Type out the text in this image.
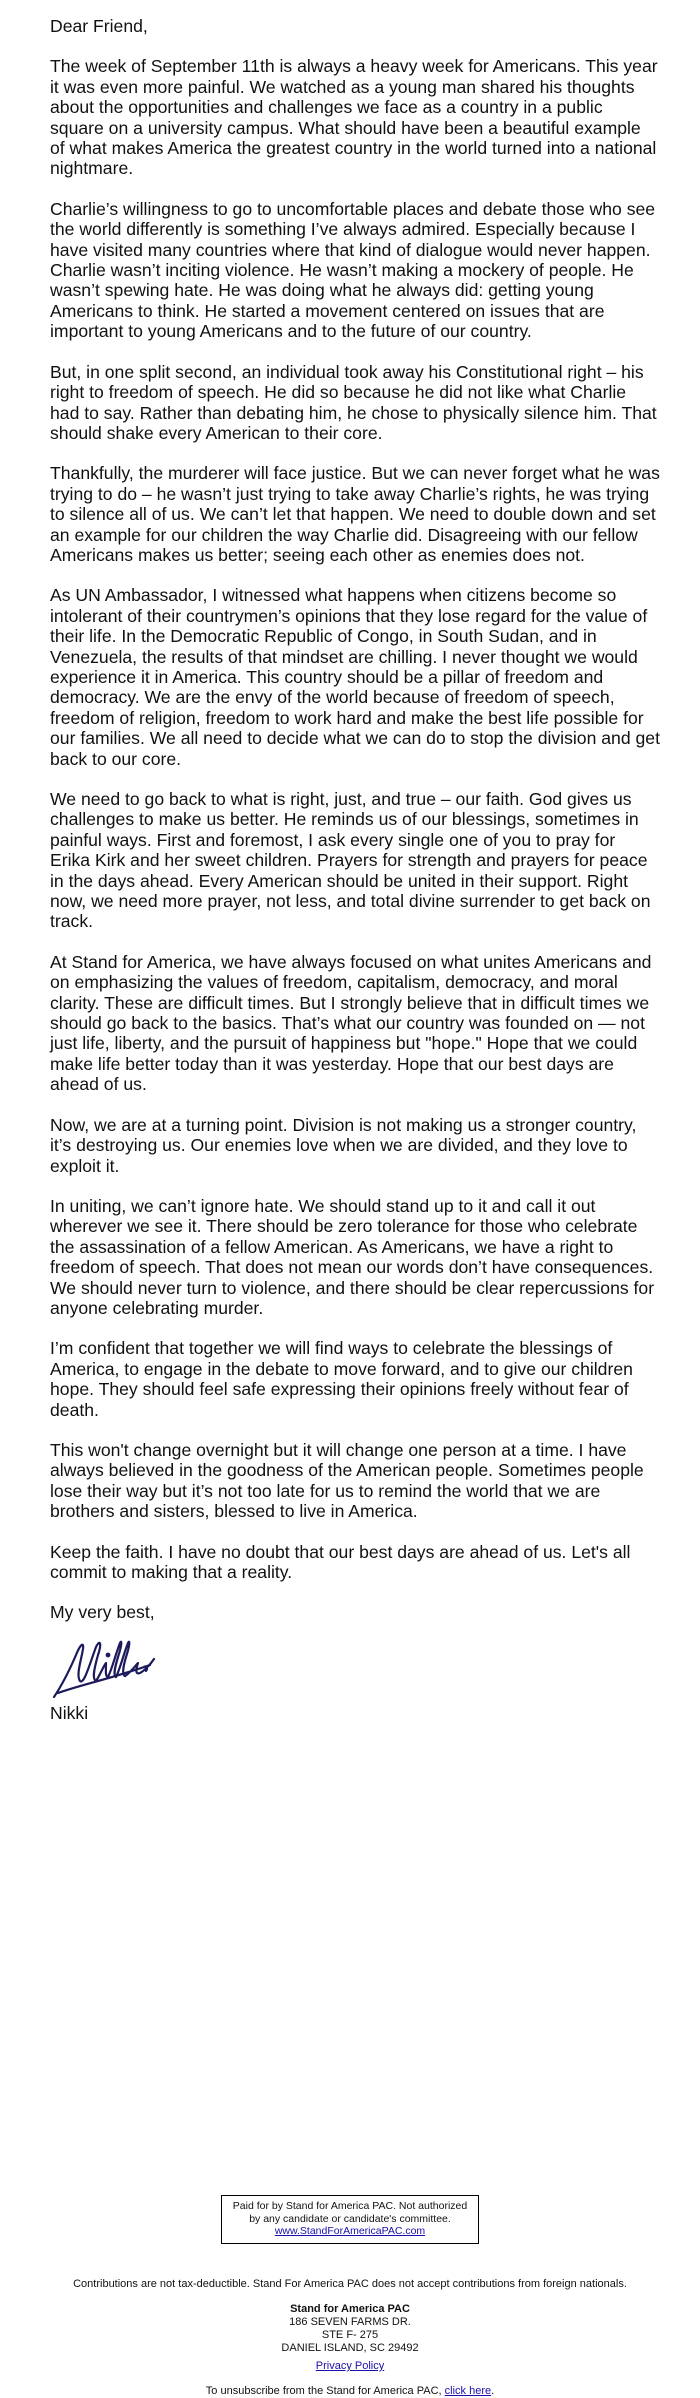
Dear Friend,

The week of September 11th is always a heavy week for Americans. This year it was even more painful. We watched as a young man shared his thoughts about the opportunities and challenges we face as a country in a public square on a university campus. What should have been a beautiful example of what makes America the greatest country in the world turned into a national nightmare.

Charlie’s willingness to go to uncomfortable places and debate those who see the world differently is something I’ve always admired. Especially because I have visited many countries where that kind of dialogue would never happen. Charlie wasn’t inciting violence. He wasn’t making a mockery of people. He wasn’t spewing hate. He was doing what he always did: getting young Americans to think. He started a movement centered on issues that are important to young Americans and to the future of our country.

But, in one split second, an individual took away his Constitutional right – his right to freedom of speech. He did so because he did not like what Charlie had to say. Rather than debating him, he chose to physically silence him. That should shake every American to their core.

Thankfully, the murderer will face justice. But we can never forget what he was trying to do – he wasn’t just trying to take away Charlie’s rights, he was trying to silence all of us. We can’t let that happen. We need to double down and set an example for our children the way Charlie did. Disagreeing with our fellow Americans makes us better; seeing each other as enemies does not.

As UN Ambassador, I witnessed what happens when citizens become so intolerant of their countrymen’s opinions that they lose regard for the value of their life. In the Democratic Republic of Congo, in South Sudan, and in Venezuela, the results of that mindset are chilling. I never thought we would experience it in America. This country should be a pillar of freedom and democracy. We are the envy of the world because of freedom of speech, freedom of religion, freedom to work hard and make the best life possible for our families. We all need to decide what we can do to stop the division and get back to our core.

We need to go back to what is right, just, and true – our faith. God gives us challenges to make us better. He reminds us of our blessings, sometimes in painful ways. First and foremost, I ask every single one of you to pray for Erika Kirk and her sweet children. Prayers for strength and prayers for peace in the days ahead. Every American should be united in their support. Right now, we need more prayer, not less, and total divine surrender to get back on track.

At Stand for America, we have always focused on what unites Americans and on emphasizing the values of freedom, capitalism, democracy, and moral clarity. These are difficult times. But I strongly believe that in difficult times we should go back to the basics. That’s what our country was founded on — not just life, liberty, and the pursuit of happiness but "hope." Hope that we could make life better today than it was yesterday. Hope that our best days are ahead of us.

Now, we are at a turning point. Division is not making us a stronger country, it’s destroying us. Our enemies love when we are divided, and they love to exploit it.

In uniting, we can’t ignore hate. We should stand up to it and call it out wherever we see it. There should be zero tolerance for those who celebrate the assassination of a fellow American. As Americans, we have a right to freedom of speech. That does not mean our words don’t have consequences. We should never turn to violence, and there should be clear repercussions for anyone celebrating murder.

I’m confident that together we will find ways to celebrate the blessings of America, to engage in the debate to move forward, and to give our children hope. They should feel safe expressing their opinions freely without fear of death.

This won't change overnight but it will change one person at a time. I have always believed in the goodness of the American people. Sometimes people lose their way but it’s not too late for us to remind the world that we are brothers and sisters, blessed to live in America.

Keep the faith. I have no doubt that our best days are ahead of us. Let's all commit to making that a reality.

My very best,

Nikki

Paid for by Stand for America PAC. Not authorized
by any candidate or candidate's committee.
www.StandForAmericaPAC.com
Contributions are not tax-deductible. Stand For America PAC does not accept contributions from foreign nationals.
Stand for America PAC
186 SEVEN FARMS DR.
STE F- 275
DANIEL ISLAND, SC 29492
Privacy Policy
To unsubscribe from the Stand for America PAC, click here.
